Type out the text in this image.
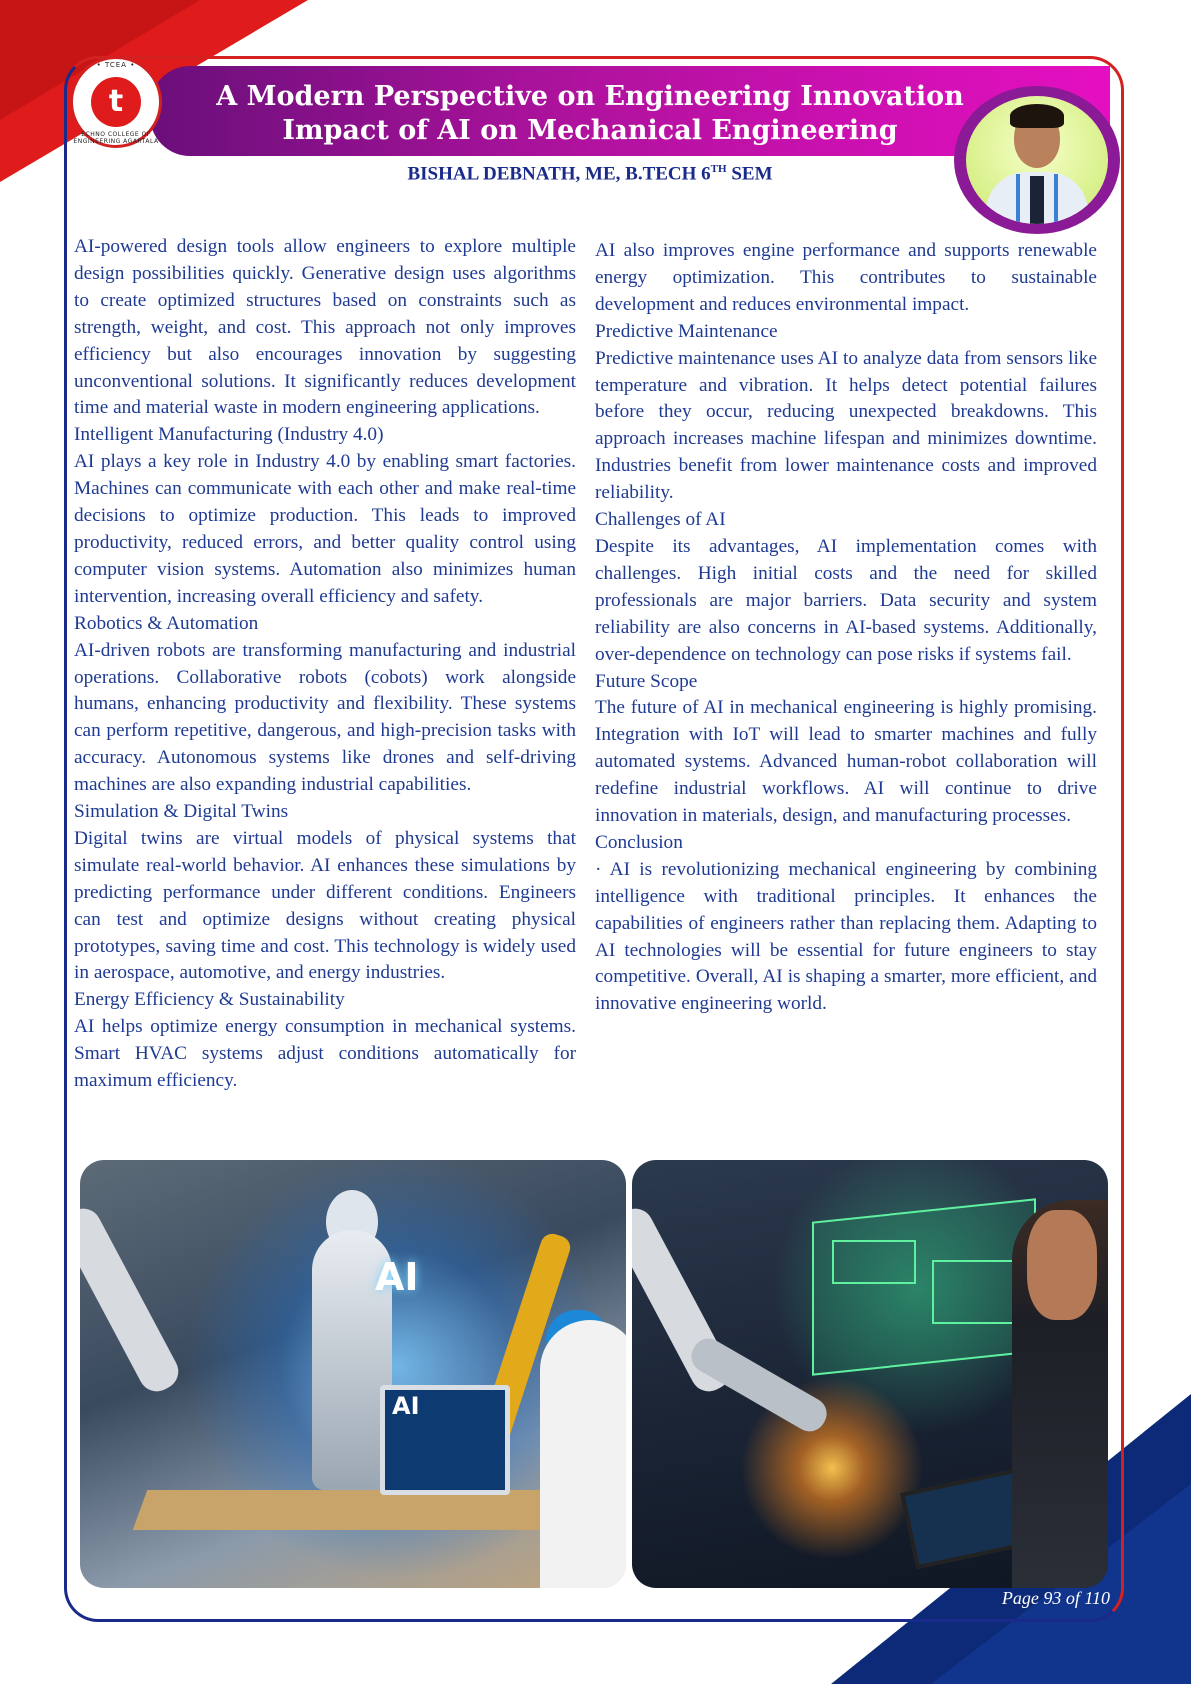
A Modern Perspective on Engineering Innovation
Impact of AI on Mechanical Engineering
• TCEA •
t
ECHNO COLLEGE OF ENGINEERING AGARTALA
BISHAL DEBNATH, ME, B.TECH 6TH SEM

AI-powered design tools allow engineers to explore multiple design possibilities quickly. Generative design uses algorithms to create optimized structures based on constraints such as strength, weight, and cost. This approach not only improves efficiency but also encourages innovation by suggesting unconventional solutions. It significantly reduces development time and material waste in modern engineering applications.

Intelligent Manufacturing (Industry 4.0)

AI plays a key role in Industry 4.0 by enabling smart factories. Machines can communicate with each other and make real-time decisions to optimize production. This leads to improved productivity, reduced errors, and better quality control using computer vision systems. Automation also minimizes human intervention, increasing overall efficiency and safety.

Robotics & Automation

AI-driven robots are transforming manufacturing and industrial operations. Collaborative robots (cobots) work alongside humans, enhancing productivity and flexibility. These systems can perform repetitive, dangerous, and high-precision tasks with accuracy. Autonomous systems like drones and self-driving machines are also expanding industrial capabilities.

Simulation & Digital Twins

Digital twins are virtual models of physical systems that simulate real-world behavior. AI enhances these simulations by predicting performance under different conditions. Engineers can test and optimize designs without creating physical prototypes, saving time and cost. This technology is widely used in aerospace, automotive, and energy industries.

Energy Efficiency & Sustainability

AI helps optimize energy consumption in mechanical systems. Smart HVAC systems adjust conditions automatically for maximum efficiency.

AI also improves engine performance and supports renewable energy optimization. This contributes to sustainable development and reduces environmental impact.

Predictive Maintenance

Predictive maintenance uses AI to analyze data from sensors like temperature and vibration. It helps detect potential failures before they occur, reducing unexpected breakdowns. This approach increases machine lifespan and minimizes downtime. Industries benefit from lower maintenance costs and improved reliability.

Challenges of AI

Despite its advantages, AI implementation comes with challenges. High initial costs and the need for skilled professionals are major barriers. Data security and system reliability are also concerns in AI-based systems. Additionally, over-dependence on technology can pose risks if systems fail.

Future Scope

The future of AI in mechanical engineering is highly promising. Integration with IoT will lead to smarter machines and fully automated systems. Advanced human-robot collaboration will redefine industrial workflows. AI will continue to drive innovation in materials, design, and manufacturing processes.

Conclusion

· AI is revolutionizing mechanical engineering by combining intelligence with traditional principles. It enhances the capabilities of engineers rather than replacing them. Adapting to AI technologies will be essential for future engineers to stay competitive. Overall, AI is shaping a smarter, more efficient, and innovative engineering world.

AI
AI
Page 93 of 110
